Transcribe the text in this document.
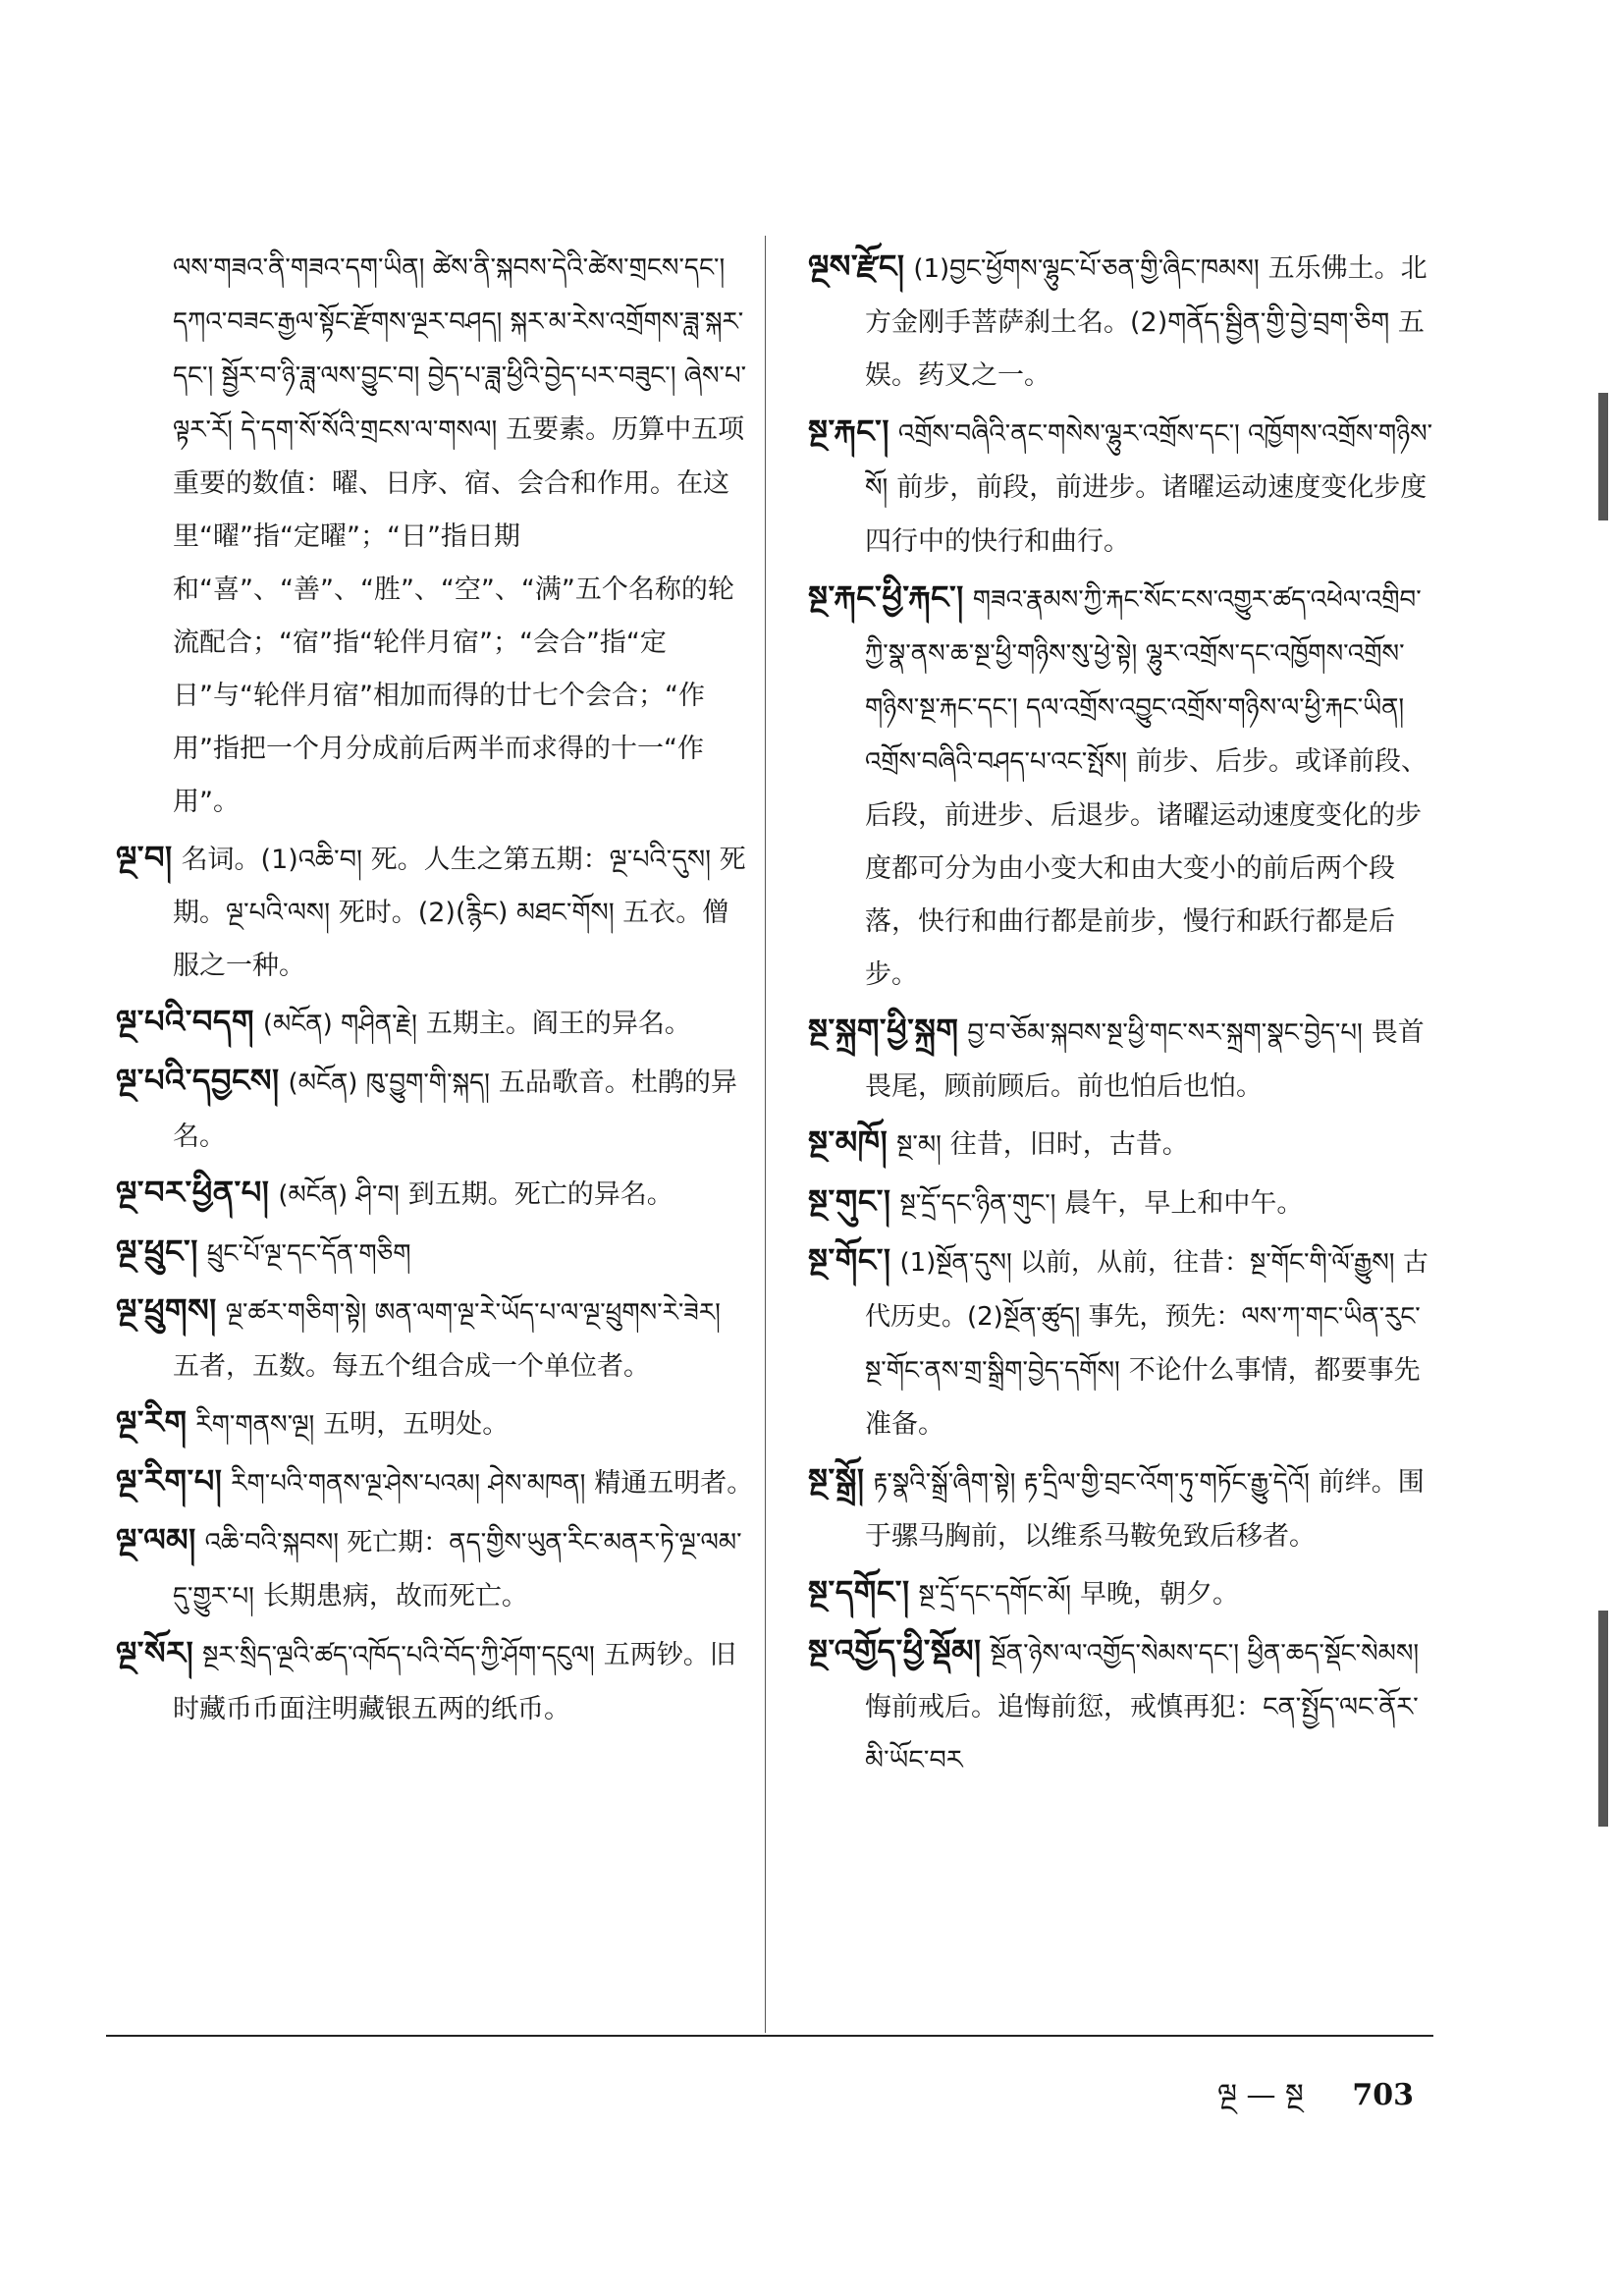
ལས་གཟའ་ནི་གཟའ་དག་ཡིན། ཚེས་ནི་སྐབས་དེའི་ཚེས་གྲངས་དང་། དཀའ་བཟང་རྒྱལ་སྟོང་རྫོགས་ལྔར་བཤད། སྐར་མ་རེས་འགྲོགས་ཟླ་སྐར་དང་། སྦྱོར་བ་ཉི་ཟླ་ལས་བྱུང་བ། བྱེད་པ་ཟླ་ཕྱིའི་བྱེད་པར་བཟུང་། ཞེས་པ་ལྟར་རོ། དེ་དག་སོ་སོའི་གྲངས་ལ་གསལ། 五要素。历算中五项重要的数值：曜、日序、宿、会合和作用。在这里“曜”指“定曜”；“日”指日期和“喜”、“善”、“胜”、“空”、“满”五个名称的轮流配合；“宿”指“轮伴月宿”；“会合”指“定日”与“轮伴月宿”相加而得的廿七个会合；“作用”指把一个月分成前后两半而求得的十一“作用”。

ལྔ་བ། 名词。(1)འཆི་བ། 死。人生之第五期：ལྔ་པའི་དུས། 死期。ལྔ་པའི་ལས། 死时。(2)(རྙིང) མཐང་གོས། 五衣。僧服之一种。

ལྔ་པའི་བདག (མངོན) གཤིན་རྗེ། 五期主。阎王的异名。

ལྔ་པའི་དབྱངས། (མངོན) ཁུ་བྱུག་གི་སྐད། 五品歌音。杜鹃的异名。

ལྔ་བར་ཕྱིན་པ། (མངོན) ཤི་བ། 到五期。死亡的异名。

ལྔ་ཕྲུང་། ཕྲུང་པོ་ལྔ་དང་དོན་གཅིག

ལྔ་ཕྲུགས། ལྔ་ཚར་གཅིག་སྟེ། ཨན་ལག་ལྔ་རེ་ཡོད་པ་ལ་ལྔ་ཕྲུགས་རེ་ཟེར། 五者，五数。每五个组合成一个单位者。

ལྔ་རིག རིག་གནས་ལྔ། 五明，五明处。

ལྔ་རིག་པ། རིག་པའི་གནས་ལྔ་ཤེས་པའམ། ཤེས་མཁན། 精通五明者。

ལྔ་ལམ། འཆི་བའི་སྐབས། 死亡期：ནད་གྱིས་ཡུན་རིང་མནར་ཏེ་ལྔ་ལམ་དུ་གྱུར་པ། 长期患病，故而死亡。

ལྔ་སོར། སྔར་སྲིད་ལྔའི་ཚད་འཁོད་པའི་བོད་ཀྱི་ཤོག་དངུལ། 五两钞。旧时藏币币面注明藏银五两的纸币。

ལྔས་རྫོང། (1)བྱང་ཕྱོགས་ལྷུང་པོ་ཅན་གྱི་ཞིང་ཁམས། 五乐佛土。北方金刚手菩萨刹土名。(2)གནོད་སྦྱིན་གྱི་བྱེ་བྲག་ཅིག 五娱。药叉之一。

སྔ་རྐང་། འགྲོས་བཞིའི་ནང་གསེས་ལྷུར་འགྲོས་དང་། འཁྱོགས་འགྲོས་གཉིས་སོ། 前步，前段，前进步。诸曜运动速度变化步度四行中的快行和曲行。

སྔ་རྐང་ཕྱི་རྐང་། གཟའ་རྣམས་ཀྱི་རྐང་སོང་ངས་འགྱུར་ཚད་འཕེལ་འགྲིབ་ཀྱི་སྣ་ནས་ཆ་སྔ་ཕྱི་གཉིས་སུ་ཕྱེ་སྟེ། ལྷུར་འགྲོས་དང་འཁྱོགས་འགྲོས་གཉིས་སྔ་རྐང་དང་། དལ་འགྲོས་འབྱུང་འགྲོས་གཉིས་ལ་ཕྱི་རྐང་ཡིན། འགྲོས་བཞིའི་བཤད་པ་འང་སྤོས། 前步、后步。或译前段、后段，前进步、后退步。诸曜运动速度变化的步度都可分为由小变大和由大变小的前后两个段落，快行和曲行都是前步，慢行和跃行都是后步。

སྔ་སྐྲག་ཕྱི་སྐྲག བྱ་བ་ཅོམ་སྐབས་སྔ་ཕྱི་གང་སར་སྐྲག་སྣང་བྱེད་པ། 畏首畏尾，顾前顾后。前也怕后也怕。

སྔ་མཁོ། སྔ་མ། 往昔，旧时，古昔。

སྔ་གུང་། སྔ་དྲོ་དང་ཉིན་གུང་། 晨午，早上和中午。

སྔ་གོང་། (1)སྔོན་དུས། 以前，从前，往昔：སྔ་གོང་གི་ལོ་རྒྱུས། 古代历史。(2)སྔོན་ཚུད། 事先，预先：ལས་ཀ་གང་ཡིན་རུང་སྔ་གོང་ནས་གྲ་སྒྲིག་བྱེད་དགོས། 不论什么事情，都要事先准备。

སྔ་སྒྲོ། རྟ་སྣའི་སྒྲོ་ཞིག་སྟེ། རྟ་དྲིལ་གྱི་བྲང་འོག་ཏུ་གཏོང་རྒྱུ་དེའོ། 前绊。围于骡马胸前，以维系马鞍免致后移者。

སྔ་དགོང་། སྔ་དྲོ་དང་དགོང་མོ། 早晚，朝夕。

སྔ་འགྱོད་ཕྱི་སྡོམ། སྔོན་ཉེས་ལ་འགྱོད་སེམས་དང་། ཕྱིན་ཆད་སྡོང་སེམས། 悔前戒后。追悔前愆，戒慎再犯：ངན་སྤྱོད་ལང་ནོར་མི་ཡོང་བར

ལྔ — སྔ 703
